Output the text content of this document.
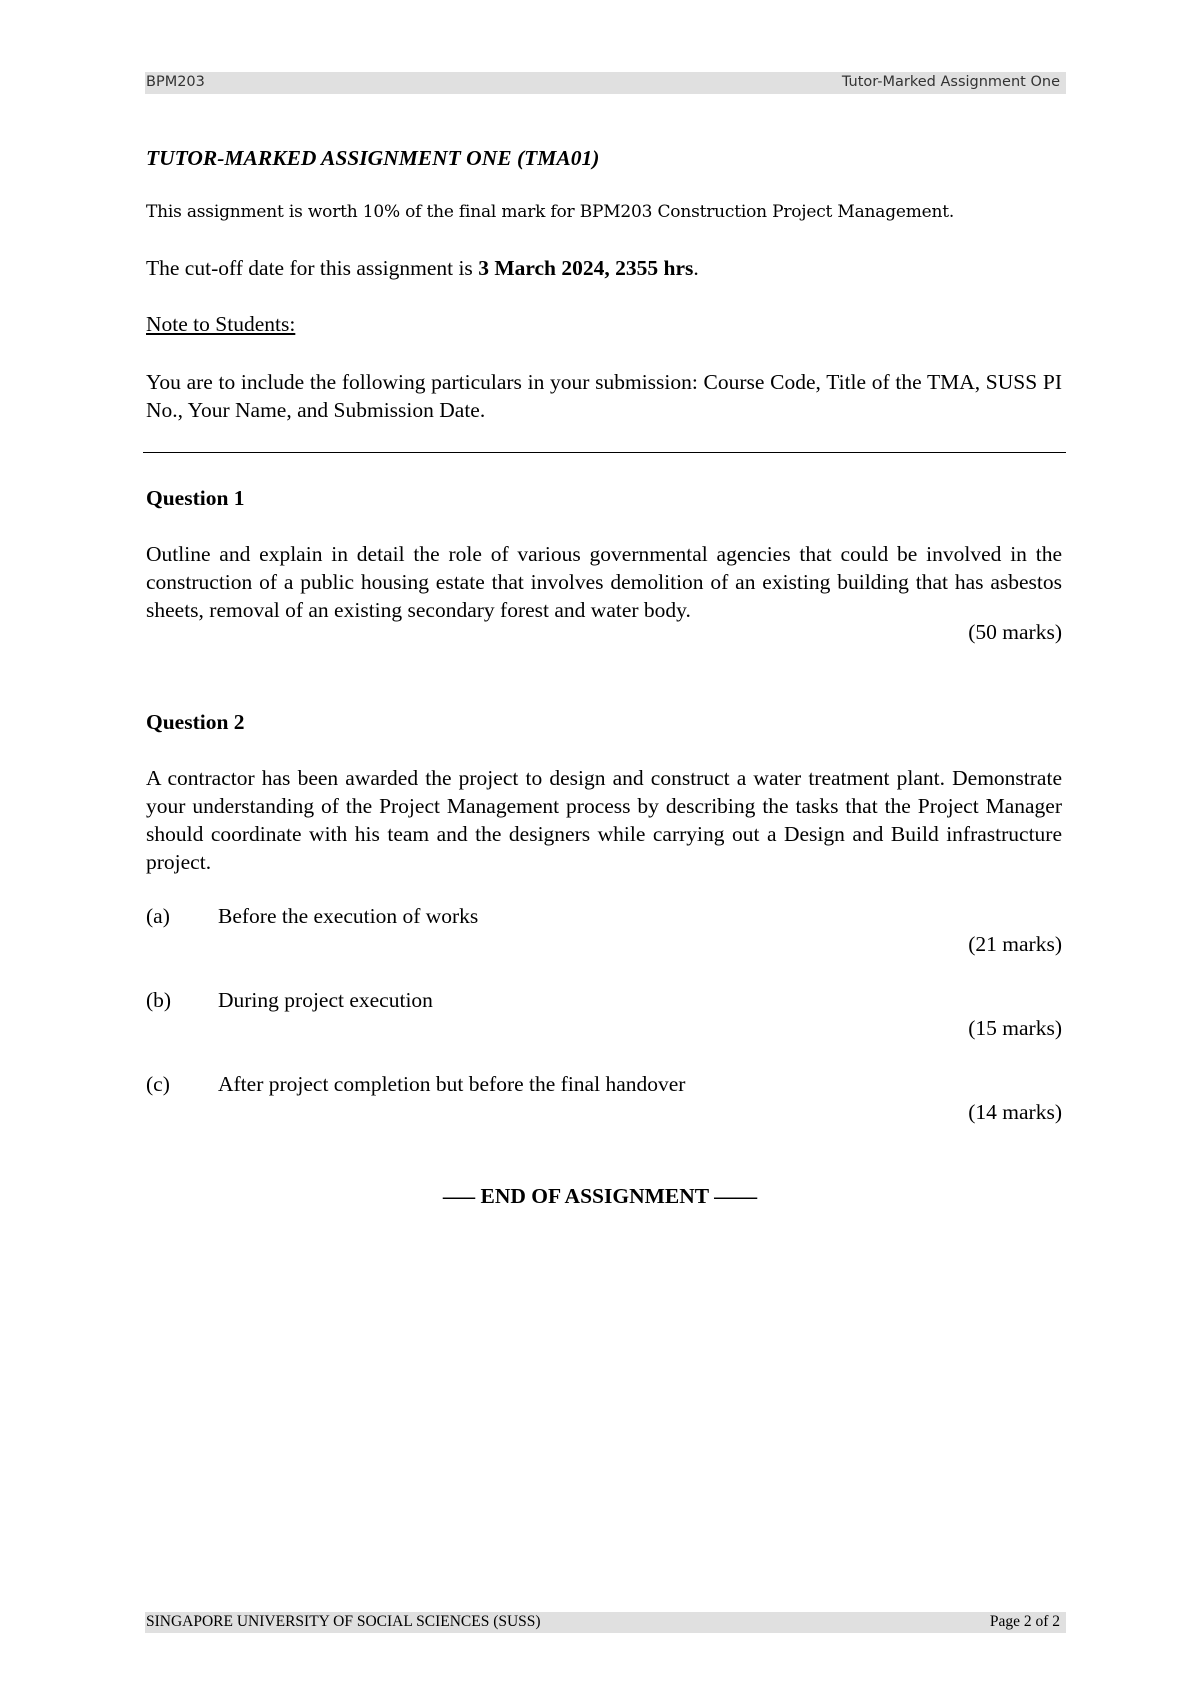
BPM203	Tutor-Marked Assignment One
TUTOR-MARKED ASSIGNMENT ONE (TMA01)
This assignment is worth 10% of the final mark for BPM203 Construction Project Management.
The cut-off date for this assignment is 3 March 2024, 2355 hrs.
Note to Students:
You are to include the following particulars in your submission: Course Code, Title of the TMA, SUSS PI No., Your Name, and Submission Date.
Question 1
Outline and explain in detail the role of various governmental agencies that could be involved in the construction of a public housing estate that involves demolition of an existing building that has asbestos sheets, removal of an existing secondary forest and water body.
(50 marks)
Question 2
A contractor has been awarded the project to design and construct a water treatment plant. Demonstrate your understanding of the Project Management process by describing the tasks that the Project Manager should coordinate with his team and the designers while carrying out a Design and Build infrastructure project.
(a) Before the execution of works
(21 marks)
(b) During project execution
(15 marks)
(c) After project completion but before the final handover
(14 marks)
––– END OF ASSIGNMENT ––––
SINGAPORE UNIVERSITY OF SOCIAL SCIENCES (SUSS)	Page 2 of 2
